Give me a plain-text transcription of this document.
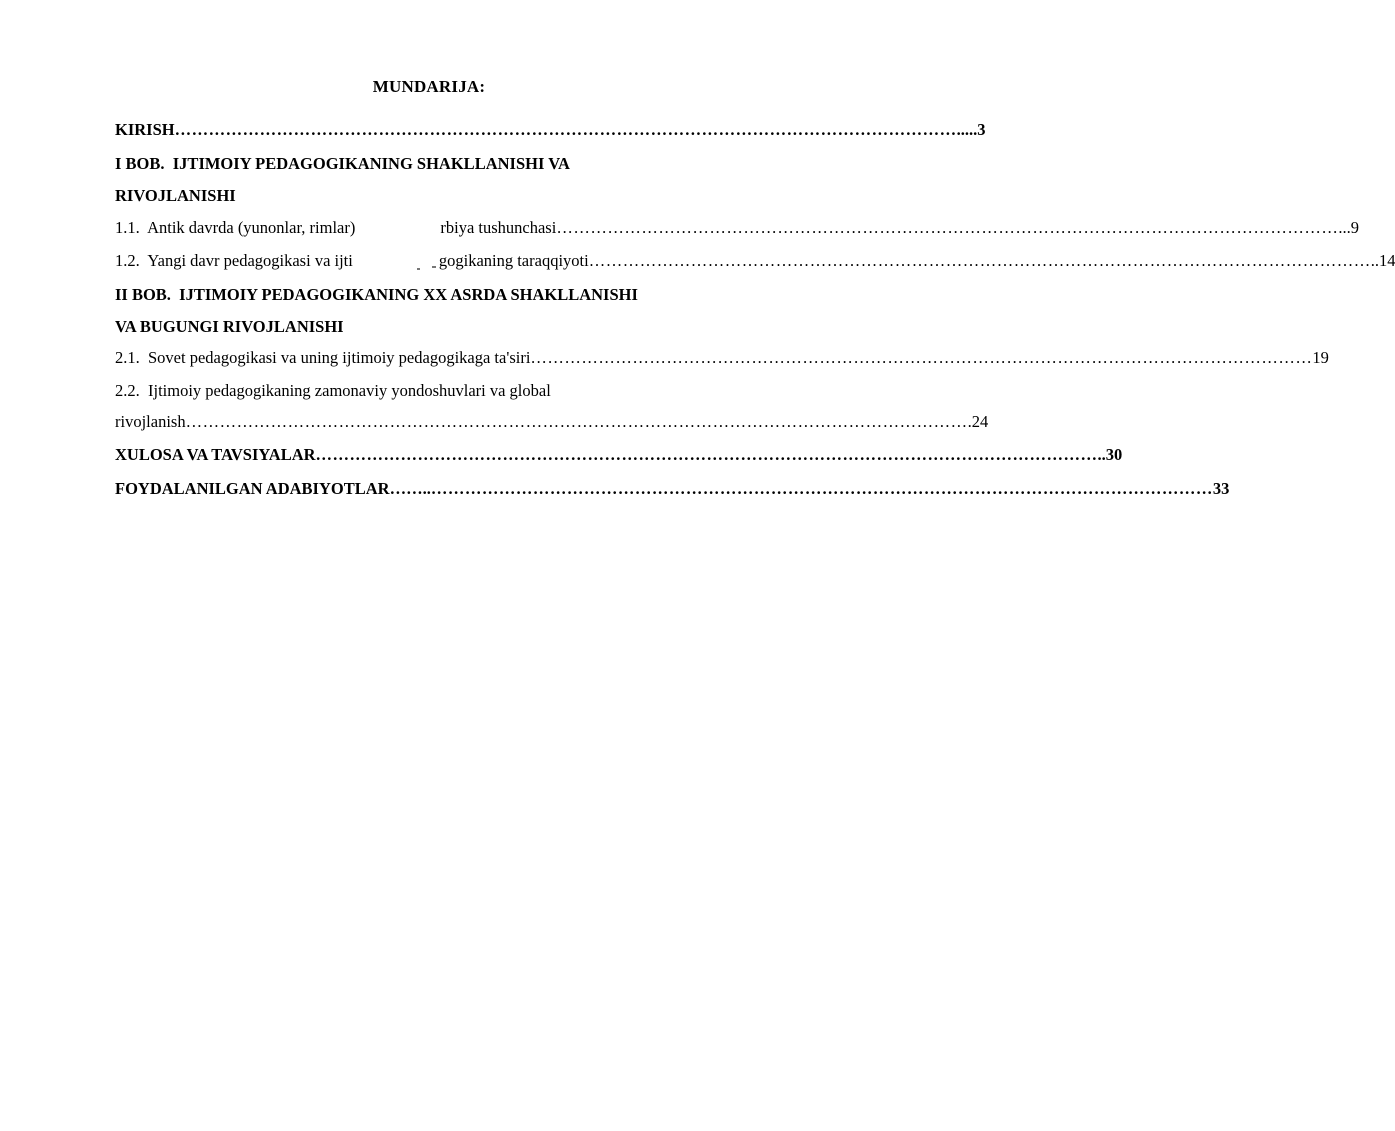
MUNDARIJA:
KIRISH ………………………………………………………………………………………………………………………… ..... 3
I BOB.  IJTIMOIY PEDAGOGIKANING SHAKLLANISHI VA
RIVOJLANISHI
1.1.  Antik davrda (yunonlar, rimlar)	rbiya tushunchasi ………………………………………………………………………………………………………………………… ... 9
1.2.  Yangi davr pedagogikasi va ijti	gogikaning taraqqiyoti ………………………………………………………………………………………………………………………… .. 14
II BOB.  IJTIMOIY PEDAGOGIKANING XX ASRDA SHAKLLANISHI
VA BUGUNGI RIVOJLANISHI
2.1.  Sovet pedagogikasi va uning ijtimoiy pedagogikaga ta'siri ………………………………………………………………………………………………………………………… 19
2.2.  Ijtimoiy pedagogikaning zamonaviy yondoshuvlari va global
rivojlanish ………………………………………………………………………………………………………………………… . 24
XULOSA VA TAVSIYALAR ………………………………………………………………………………………………………………………… .. 30
FOYDALANILGAN ADABIYOTLAR …….. ………………………………………………………………………………………………………………………… 33
